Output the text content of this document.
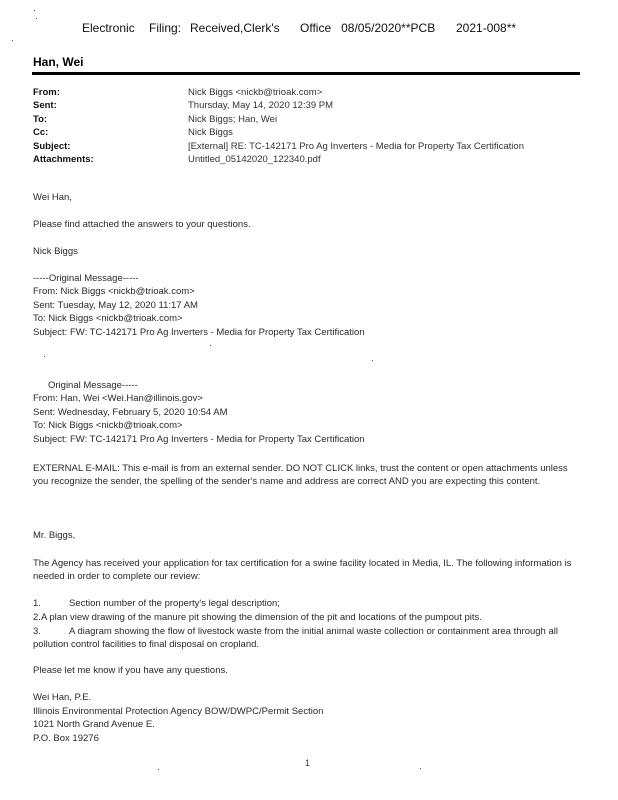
Electronic Filing: Received,Clerk's Office   08/05/2020**PCB 2021-008**
Han, Wei
From:	Nick Biggs <nickb@trioak.com>
Sent:	Thursday, May 14, 2020 12:39 PM
To:	Nick Biggs; Han, Wei
Cc:	Nick Biggs
Subject:	[External] RE: TC-142171 Pro Ag Inverters - Media for Property Tax Certification
Attachments:	Untitled_05142020_122340.pdf
Wei Han,
Please find attached the answers to your questions.
Nick Biggs
-----Original Message-----
From: Nick Biggs <nickb@trioak.com>
Sent: Tuesday, May 12, 2020 11:17 AM
To: Nick Biggs <nickb@trioak.com>
Subject: FW: TC-142171 Pro Ag Inverters - Media for Property Tax Certification
Original Message-----
From: Han, Wei <Wei.Han@illinois.gov>
Sent: Wednesday, February 5, 2020 10:54 AM
To: Nick Biggs <nickb@trioak.com>
Subject: FW: TC-142171 Pro Ag Inverters - Media for Property Tax Certification
EXTERNAL E-MAIL: This e-mail is from an external sender. DO NOT CLICK links, trust the content or open attachments unless you recognize the sender, the spelling of the sender's name and address are correct AND you are expecting this content.
Mr. Biggs,
The Agency has received your application for tax certification for a swine facility located in Media, IL. The following information is needed in order to complete our review:
1.	Section number of the property's legal description;
2.A plan view drawing of the manure pit showing the dimension of the pit and locations of the pumpout pits.
3.	A diagram showing the flow of livestock waste from the initial animal waste collection or containment area through all pollution control facilities to final disposal on cropland.
Please let me know if you have any questions.
Wei Han, P.E.
Illinois Environmental Protection Agency BOW/DWPC/Permit Section
1021 North Grand Avenue E.
P.O. Box 19276
1
